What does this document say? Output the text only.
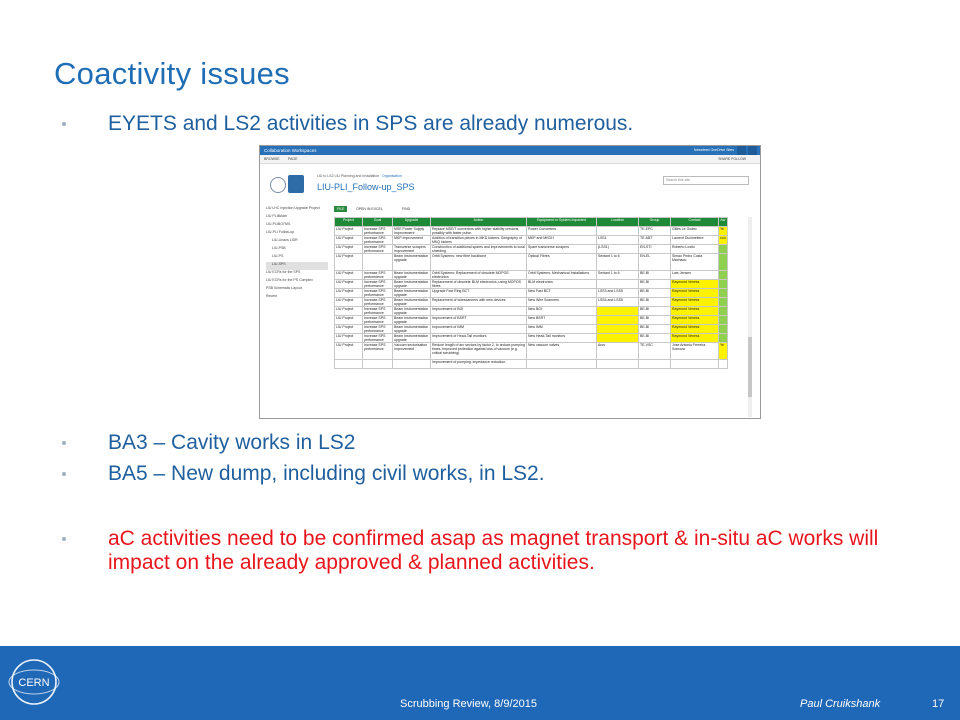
Coactivity issues
EYETS and LS2 activities in SPS are already numerous.
Collaboration Workspaces	Newsfeed OneDrive Sites
BROWSE PAGE	SHARE FOLLOW
LIU to LS2 LIU Planning and Installation Organisation
LIU-PLI_Follow-up_SPS
Search this site
LIU LHC Injection Upgrade Project
LIU PLIBAdm
LIU-PLIBOTMS
LIU-PLI Follow-up
LIU-Linacs LIDR
LIU-PSB
LIU-PS
LIU-SPS
LIU ECRs for the SPS
LIU ECRs for the PS Complex
PSB Schematic Layout
Recent
FILE	OPEN IN EXCEL	FIND
Project	Goal	Upgrade	Action	Equipment or System Impacted	Location	Group	Contact	Aw
LIU Project	Increase SPS performance	MSE Power Supply Improvement	Replace MSE/T convertors with higher stability versions, possibly with faster pulse.	Power Converters		TE-EPC	Gilles Le Godec	Ye
LIU Project	Increase SPS performance	MKP Improvement	Addition of transition pieces in MKD kickers. Serigraphy of MKQ kickers	MKP and MKDH	LSS1	TE-ABT	Laurent Ducimetiere	con
LIU Project	Increase SPS performance	Transverse scrapers improvement	Construction of additional spares and improvements to local shielding	Spare transverse scrapers	(LSS1)	EN-STI	Roberto Losito	
LIU Project		Beam Instrumentation upgrade	Orbit Systems: new fibre backbone	Optical Fibres	Sextant 1 to 6	EN-EL	Simao Pedro Costa Machado	
LIU Project	Increase SPS performance	Beam Instrumentation upgrade	Orbit Systems: Replacement of obsolete MOPOS electronics	Orbit Systems: Mechanical Installations	Sextant 1 to 6	BE-BI	Lars Jensen	
LIU Project	Increase SPS performance	Beam Instrumentation upgrade	Replacement of obsolete BLM electronics, using MOPOS fibres	BLM electronics		BE-BI	Raymond Veness	
LIU Project	Increase SPS performance	Beam Instrumentation upgrade	Upgrade Fast Ring BCT	New Fast BCT	LSS3 and LSS5	BE-BI	Raymond Veness	
LIU Project	Increase SPS performance	Beam Instrumentation upgrade	Replacement of wirescanners with new devices	New Wire Scanners	LSS4 and LSS5	BE-BI	Raymond Veness	
LIU Project	Increase SPS performance	Beam Instrumentation upgrade	Improvement of BGI	New BGI		BE-BI	Raymond Veness	
LIU Project	Increase SPS performance	Beam Instrumentation upgrade	Improvement of BSRT	New BSRT		BE-BI	Raymond Veness	
LIU Project	Increase SPS performance	Beam Instrumentation upgrade	Improvement of IMM	New IMM		BE-BI	Raymond Veness	
LIU Project	Increase SPS performance	Beam Instrumentation upgrade	Improvement of Head-Tail monitors	New Head-Tail monitors		BE-BI	Raymond Veness	
LIU Project	Increase SPS performance	Vacuum sectorisation improvement	Reduce length of arc sectors by factor 2, to reduce pumping times. Improved protection against loss of vacuum (e.g. critical scrubbing)	New vacuum valves	Arcs	TE-VSC	Jose Antonio Ferreira Somoza	Ye
			Improvement of pumping, impedance reduction,					
BA3 – Cavity works in LS2
BA5 – New dump, including civil works, in LS2.
aC activities need to be confirmed asap as magnet transport & in-situ aC works will impact on the already approved & planned activities.
CERN
Scrubbing Review, 8/9/2015	Paul Cruikshank	17
